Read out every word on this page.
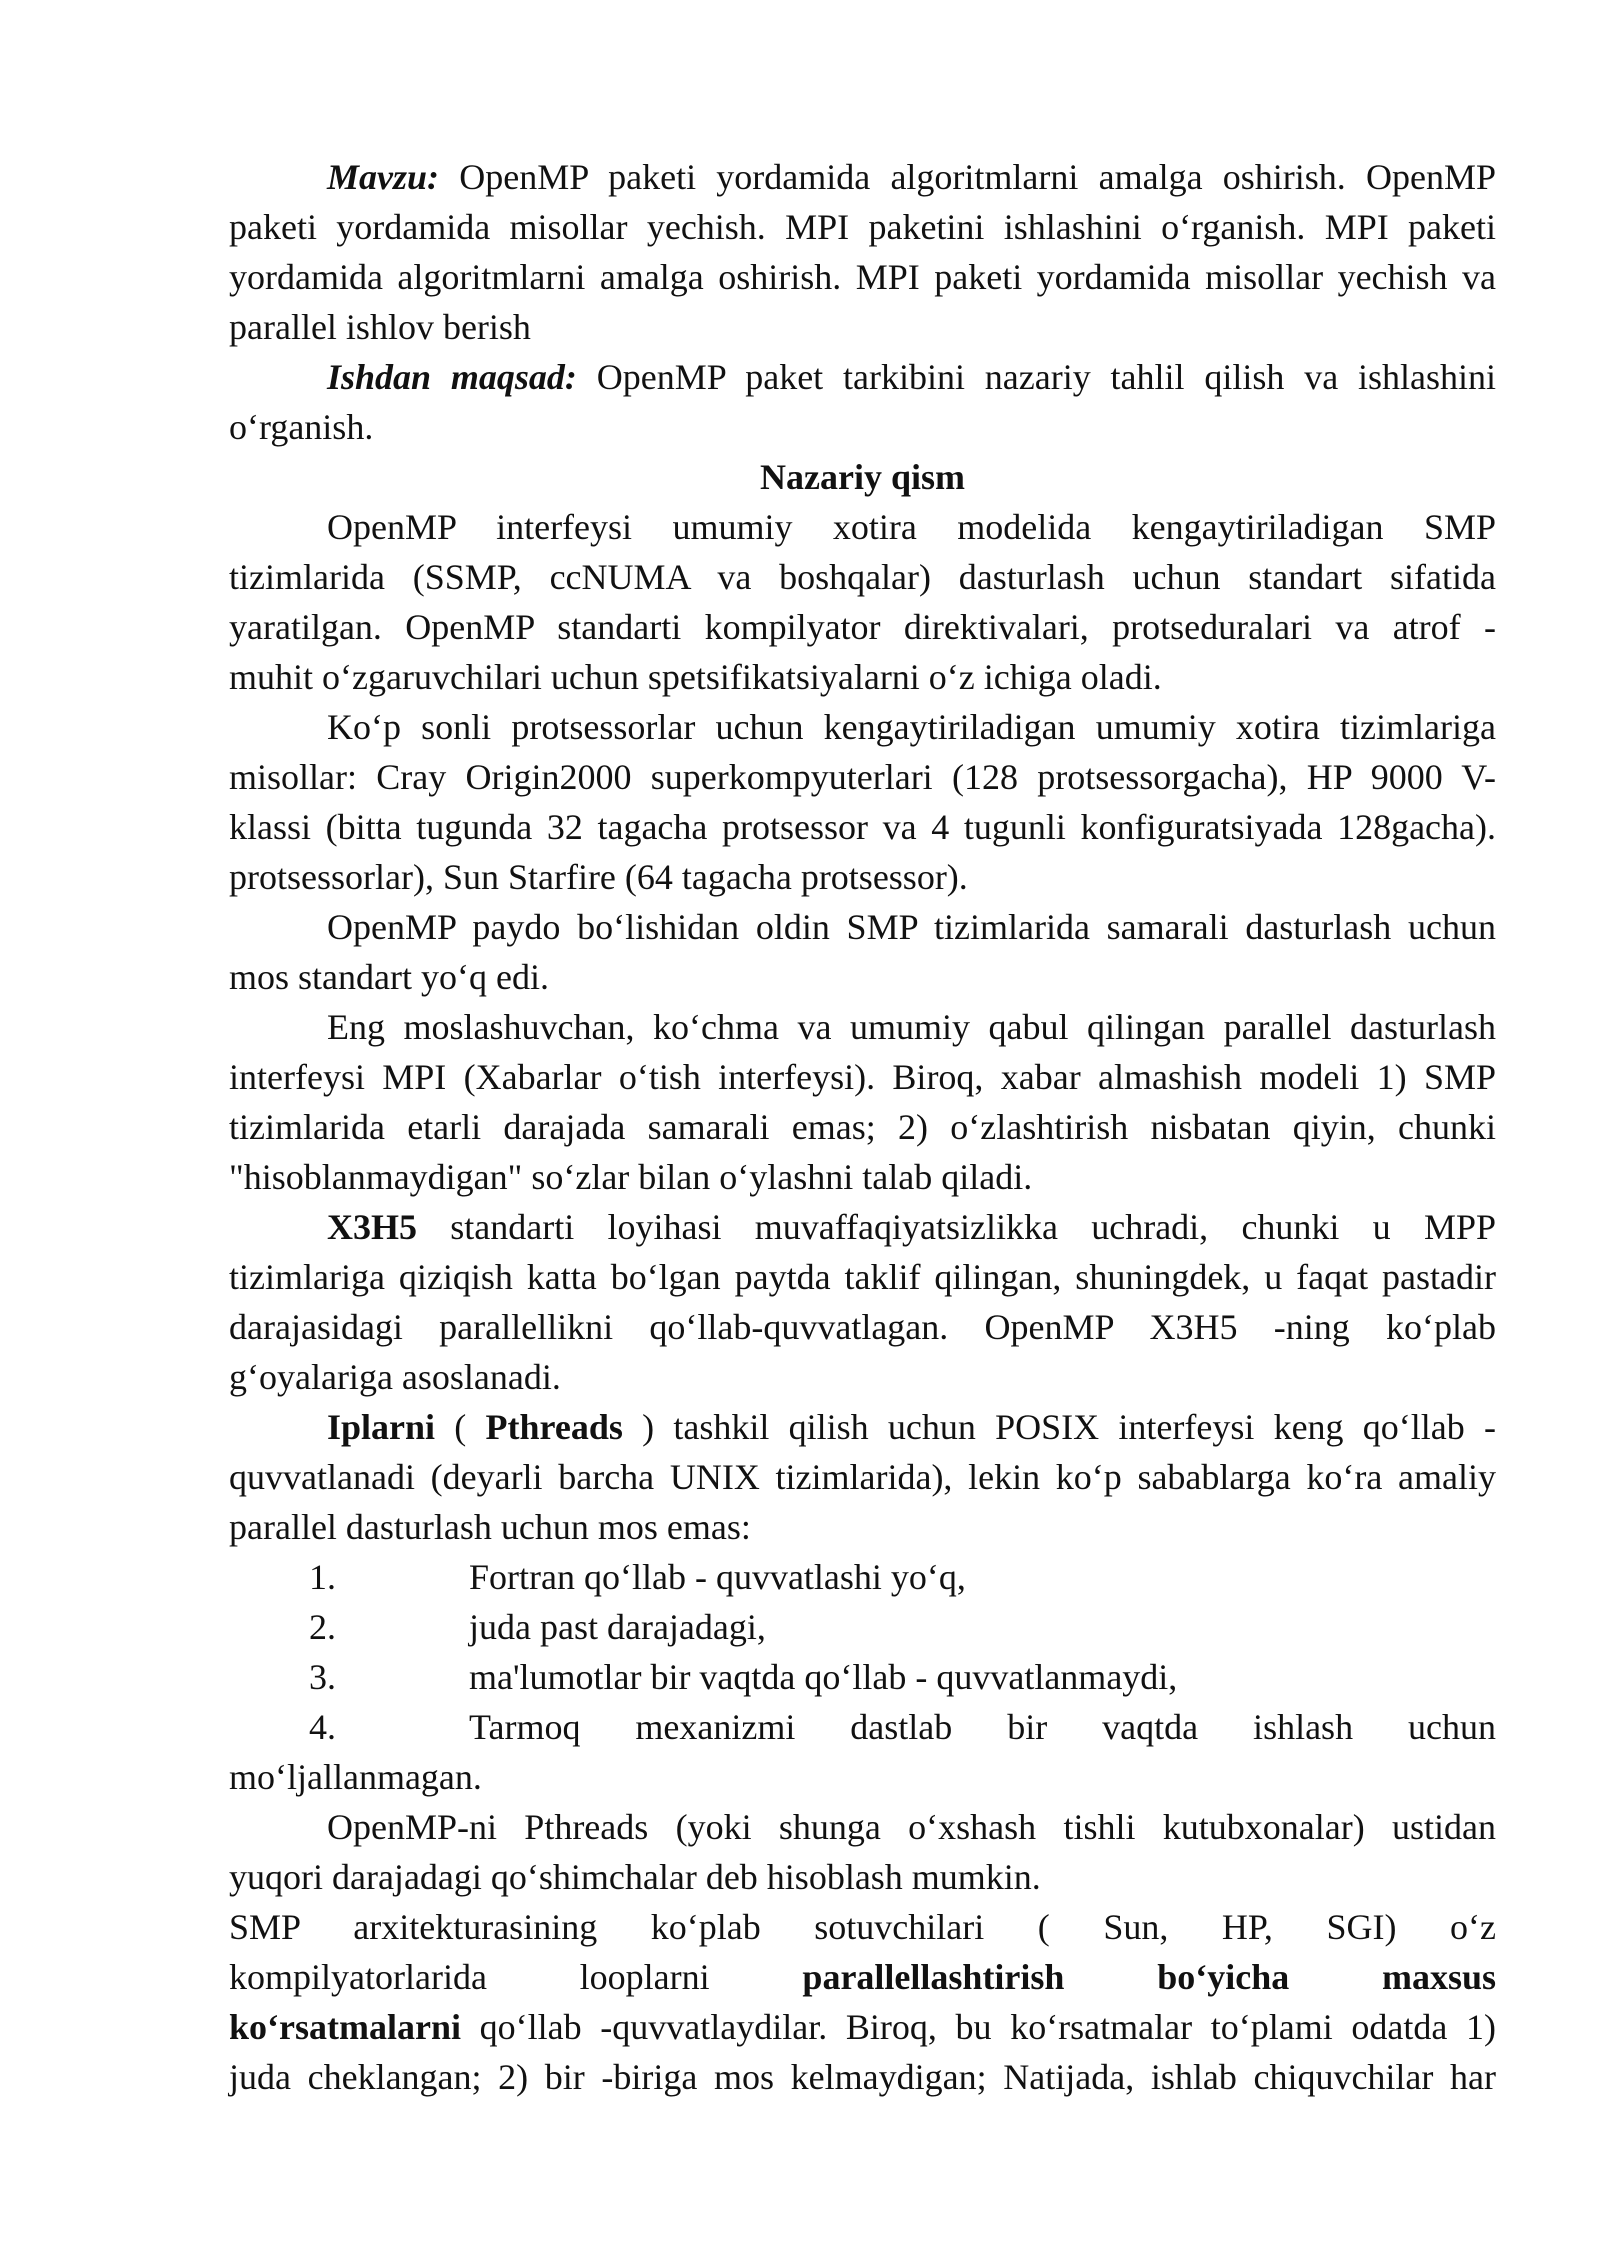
Mavzu: OpenMP paketi yordamida algoritmlarni amalga oshirish. OpenMP
paketi yordamida misollar yechish. MPI paketini ishlashini o‘rganish. MPI paketi
yordamida algoritmlarni amalga oshirish. MPI paketi yordamida misollar yechish va
parallel ishlov berish
Ishdan maqsad: OpenMP paket tarkibini nazariy tahlil qilish va ishlashini
o‘rganish.
Nazariy qism
OpenMP interfeysi umumiy xotira modelida kengaytiriladigan SMP
tizimlarida (SSMP, ccNUMA va boshqalar) dasturlash uchun standart sifatida
yaratilgan. OpenMP standarti kompilyator direktivalari, protseduralari va atrof -
muhit o‘zgaruvchilari uchun spetsifikatsiyalarni o‘z ichiga oladi.
Ko‘p sonli protsessorlar uchun kengaytiriladigan umumiy xotira tizimlariga
misollar: Cray Origin2000 superkompyuterlari (128 protsessorgacha), HP 9000 V-
klassi (bitta tugunda 32 tagacha protsessor va 4 tugunli konfiguratsiyada 128gacha).
protsessorlar), Sun Starfire (64 tagacha protsessor).
OpenMP paydo bo‘lishidan oldin SMP tizimlarida samarali dasturlash uchun
mos standart yo‘q edi.
Eng moslashuvchan, ko‘chma va umumiy qabul qilingan parallel dasturlash
interfeysi MPI (Xabarlar o‘tish interfeysi). Biroq, xabar almashish modeli 1) SMP
tizimlarida etarli darajada samarali emas; 2) o‘zlashtirish nisbatan qiyin, chunki
"hisoblanmaydigan" so‘zlar bilan o‘ylashni talab qiladi.
X3H5 standarti loyihasi muvaffaqiyatsizlikka uchradi, chunki u MPP
tizimlariga qiziqish katta bo‘lgan paytda taklif qilingan, shuningdek, u faqat pastadir
darajasidagi parallellikni qo‘llab-quvvatlagan. OpenMP X3H5 -ning ko‘plab
g‘oyalariga asoslanadi.
Iplarni ( Pthreads ) tashkil qilish uchun POSIX interfeysi keng qo‘llab -
quvvatlanadi (deyarli barcha UNIX tizimlarida), lekin ko‘p sabablarga ko‘ra amaliy
parallel dasturlash uchun mos emas:
1.	Fortran qo‘llab - quvvatlashi yo‘q,
2.	juda past darajadagi,
3.	ma'lumotlar bir vaqtda qo‘llab - quvvatlanmaydi,
4.	Tarmoq mexanizmi dastlab bir vaqtda ishlash uchun
mo‘ljallanmagan.
OpenMP-ni Pthreads (yoki shunga o‘xshash tishli kutubxonalar) ustidan
yuqori darajadagi qo‘shimchalar deb hisoblash mumkin.
SMP arxitekturasining ko‘plab sotuvchilari ( Sun, HP, SGI) o‘z
kompilyatorlarida looplarni	parallellashtirish bo‘yicha maxsus
ko‘rsatmalarni qo‘llab -quvvatlaydilar. Biroq, bu ko‘rsatmalar to‘plami odatda 1)
juda cheklangan; 2) bir -biriga mos kelmaydigan; Natijada, ishlab chiquvchilar har
